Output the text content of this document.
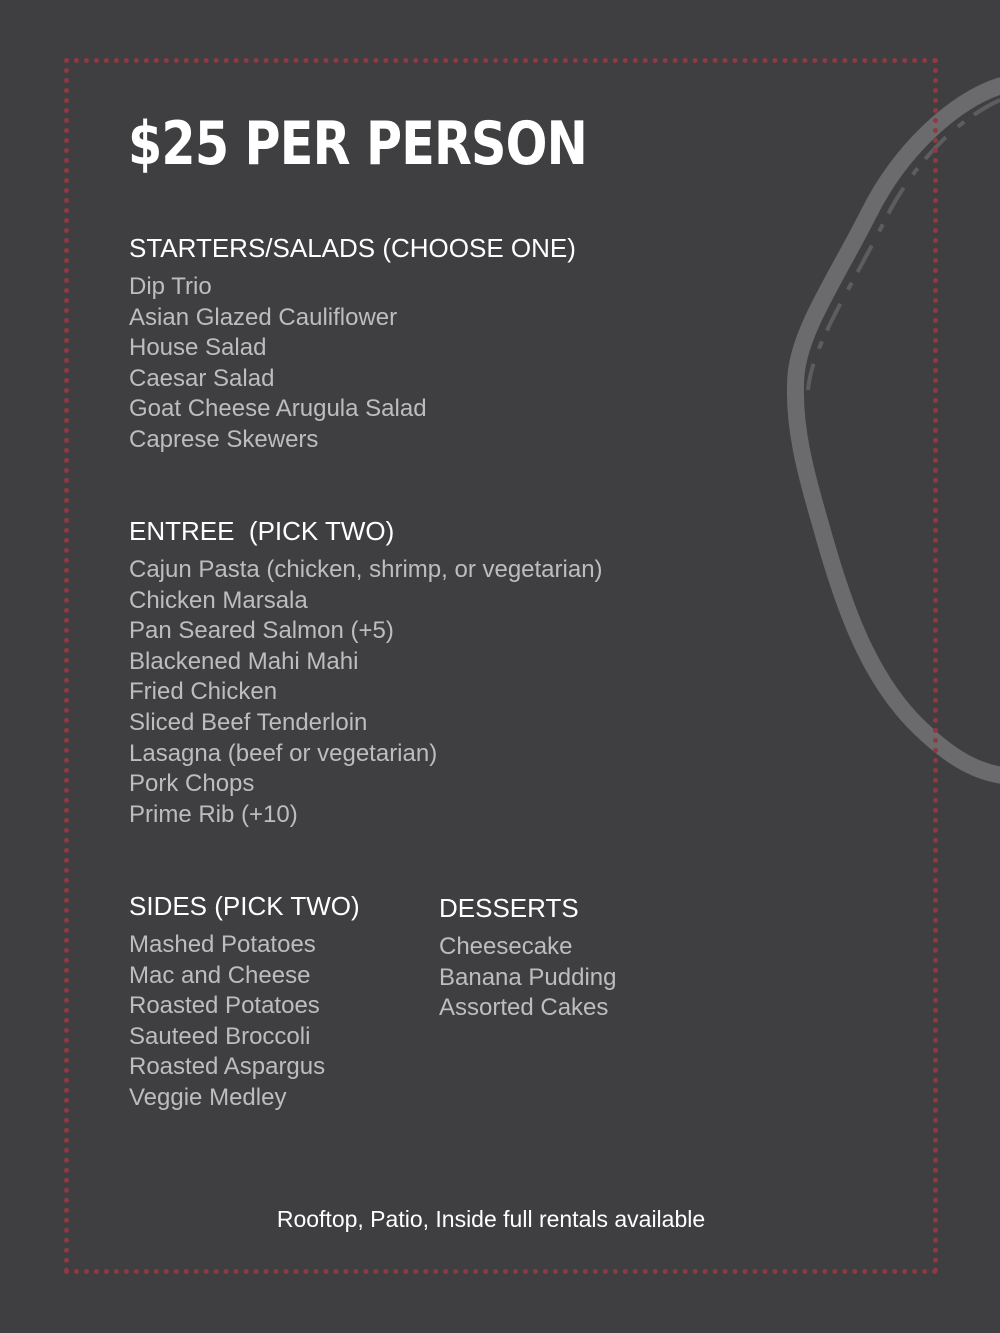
$25 PER PERSON
STARTERS/SALADS (CHOOSE ONE)
Dip Trio
Asian Glazed Cauliflower
House Salad
Caesar Salad
Goat Cheese Arugula Salad
Caprese Skewers
ENTREE  (PICK TWO)
Cajun Pasta (chicken, shrimp, or vegetarian)
Chicken Marsala
Pan Seared Salmon (+5)
Blackened Mahi Mahi
Fried Chicken
Sliced Beef Tenderloin
Lasagna (beef or vegetarian)
Pork Chops
Prime Rib (+10)
SIDES (PICK TWO)
Mashed Potatoes
Mac and Cheese
Roasted Potatoes
Sauteed Broccoli
Roasted Aspargus
Veggie Medley
DESSERTS
Cheesecake
Banana Pudding
Assorted Cakes
Rooftop, Patio, Inside full rentals available
